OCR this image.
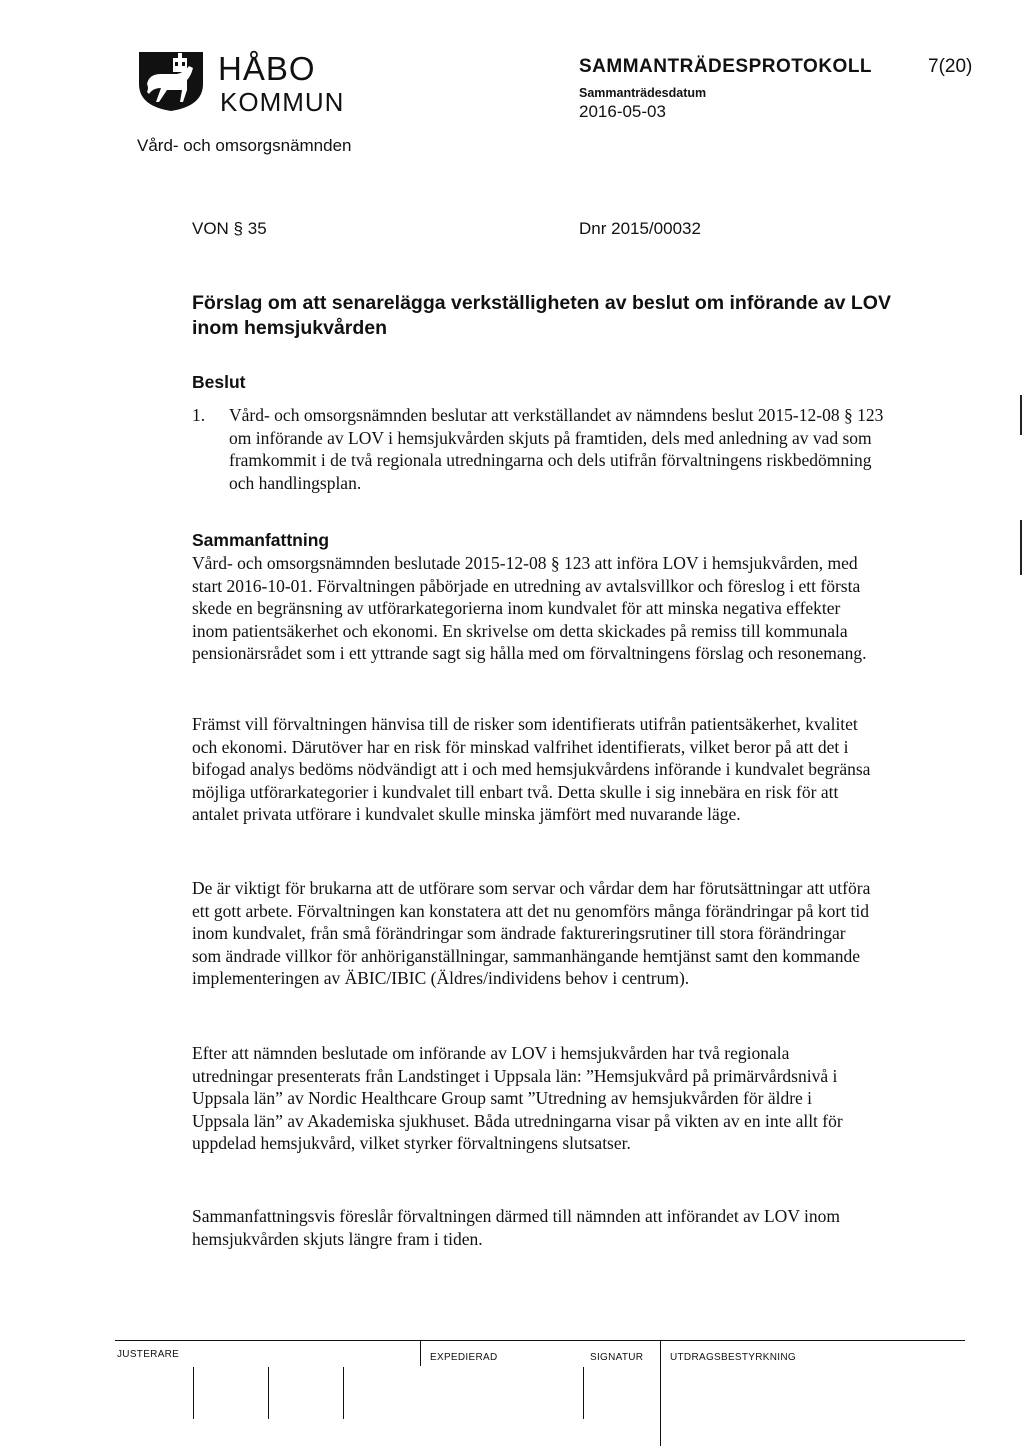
HÅBO
KOMMUN
Vård- och omsorgsnämnden
SAMMANTRÄDESPROTOKOLL	7(20)
Sammanträdesdatum
2016-05-03
VON § 35	Dnr 2015/00032
Förslag om att senarelägga verkställigheten av beslut om införande av LOV inom hemsjukvården
Beslut
1. Vård- och omsorgsnämnden beslutar att verkställandet av nämndens beslut 2015-12-08 § 123 om införande av LOV i hemsjukvården skjuts på framtiden, dels med anledning av vad som framkommit i de två regionala utredningarna och dels utifrån förvaltningens riskbedömning och handlingsplan.
Sammanfattning
Vård- och omsorgsnämnden beslutade 2015-12-08 § 123 att införa LOV i hemsjukvården, med start 2016-10-01. Förvaltningen påbörjade en utredning av avtalsvillkor och föreslog i ett första skede en begränsning av utförarkategorierna inom kundvalet för att minska negativa effekter inom patientsäkerhet och ekonomi. En skrivelse om detta skickades på remiss till kommunala pensionärsrådet som i ett yttrande sagt sig hålla med om förvaltningens förslag och resonemang.
Främst vill förvaltningen hänvisa till de risker som identifierats utifrån patientsäkerhet, kvalitet och ekonomi. Därutöver har en risk för minskad valfrihet identifierats, vilket beror på att det i bifogad analys bedöms nödvändigt att i och med hemsjukvårdens införande i kundvalet begränsa möjliga utförarkategorier i kundvalet till enbart två. Detta skulle i sig innebära en risk för att antalet privata utförare i kundvalet skulle minska jämfört med nuvarande läge.
De är viktigt för brukarna att de utförare som servar och vårdar dem har förutsättningar att utföra ett gott arbete. Förvaltningen kan konstatera att det nu genomförs många förändringar på kort tid inom kundvalet, från små förändringar som ändrade faktureringsrutiner till stora förändringar som ändrade villkor för anhöriganställningar, sammanhängande hemtjänst samt den kommande implementeringen av ÄBIC/IBIC (Äldres/individens behov i centrum).
Efter att nämnden beslutade om införande av LOV i hemsjukvården har två regionala utredningar presenterats från Landstinget i Uppsala län: ”Hemsjukvård på primärvårdsnivå i Uppsala län” av Nordic Healthcare Group samt ”Utredning av hemsjukvården för äldre i Uppsala län” av Akademiska sjukhuset. Båda utredningarna visar på vikten av en inte allt för uppdelad hemsjukvård, vilket styrker förvaltningens slutsatser.
Sammanfattningsvis föreslår förvaltningen därmed till nämnden att införandet av LOV inom hemsjukvården skjuts längre fram i tiden.
JUSTERARE	EXPEDIERAD	SIGNATUR	UTDRAGSBESTYRKNING
